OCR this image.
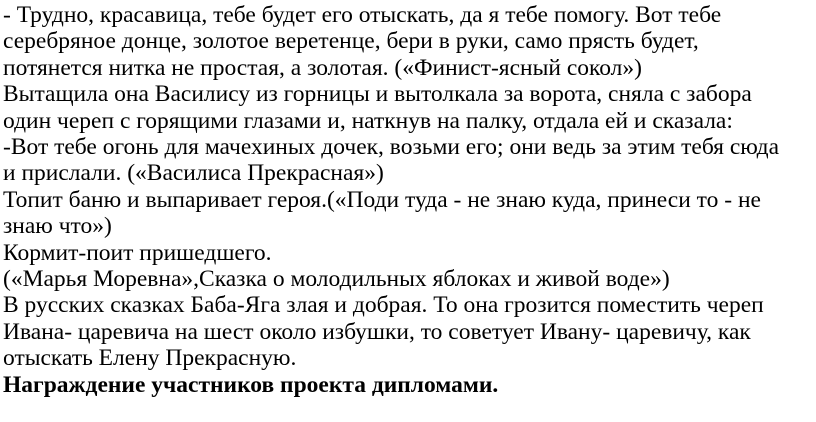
- Трудно, красавица, тебе будет его отыскать, да я тебе помогу. Вот тебе
серебряное донце, золотое веретенце, бери в руки, само прясть будет,
потянется нитка не простая, а золотая. («Финист-ясный сокол»)
Вытащила она Василису из горницы и вытолкала за ворота, сняла с забора
один череп с горящими глазами и, наткнув на палку, отдала ей и сказала:
-Вот тебе огонь для мачехиных дочек, возьми его; они ведь за этим тебя сюда
и прислали. («Василиса Прекрасная»)
Топит баню и выпаривает героя.(«Поди туда - не знаю куда, принеси то - не
знаю что»)
Кормит-поит пришедшего.
(«Марья Моревна»,Сказка о молодильных яблоках и живой воде»)
В русских сказках Баба-Яга злая и добрая. То она грозится поместить череп
Ивана- царевича на шест около избушки, то советует Ивану- царевичу, как
отыскать Елену Прекрасную.
Награждение участников проекта дипломами.
